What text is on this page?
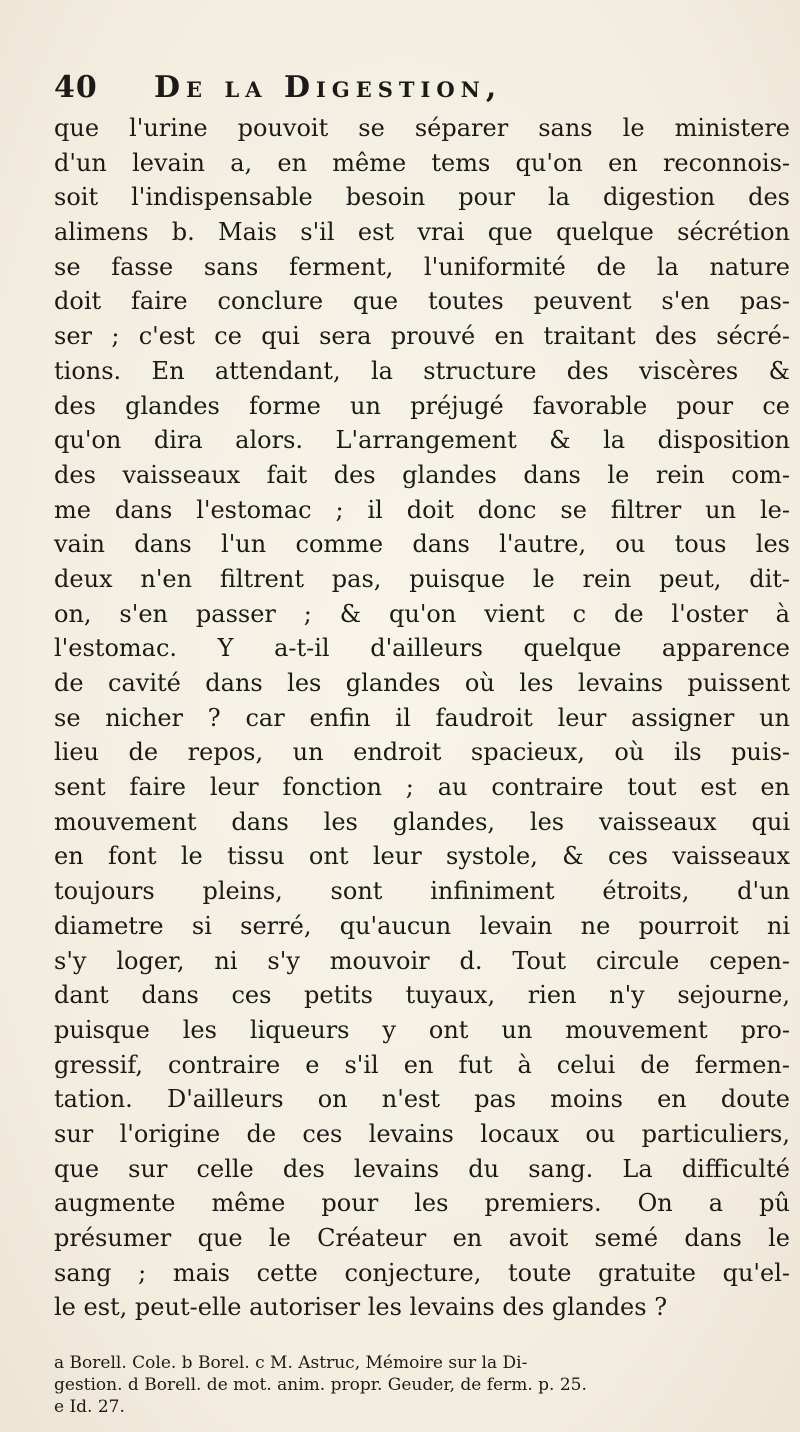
40 De la Digestion,
que l'urine pouvoit se séparer sans le ministere
d'un levain a, en même tems qu'on en reconnois-
soit l'indispensable besoin pour la digestion des
alimens b. Mais s'il est vrai que quelque sécrétion
se fasse sans ferment, l'uniformité de la nature
doit faire conclure que toutes peuvent s'en pas-
ser ; c'est ce qui sera prouvé en traitant des sécré-
tions. En attendant, la structure des viscères &
des glandes forme un préjugé favorable pour ce
qu'on dira alors. L'arrangement & la disposition
des vaisseaux fait des glandes dans le rein com-
me dans l'estomac ; il doit donc se filtrer un le-
vain dans l'un comme dans l'autre, ou tous les
deux n'en filtrent pas, puisque le rein peut, dit-
on, s'en passer ; & qu'on vient c de l'oster à
l'estomac. Y a-t-il d'ailleurs quelque apparence
de cavité dans les glandes où les levains puissent
se nicher ? car enfin il faudroit leur assigner un
lieu de repos, un endroit spacieux, où ils puis-
sent faire leur fonction ; au contraire tout est en
mouvement dans les glandes, les vaisseaux qui
en font le tissu ont leur systole, & ces vaisseaux
toujours pleins, sont infiniment étroits, d'un
diametre si serré, qu'aucun levain ne pourroit ni
s'y loger, ni s'y mouvoir d. Tout circule cepen-
dant dans ces petits tuyaux, rien n'y sejourne,
puisque les liqueurs y ont un mouvement pro-
gressif, contraire e s'il en fut à celui de fermen-
tation. D'ailleurs on n'est pas moins en doute
sur l'origine de ces levains locaux ou particuliers,
que sur celle des levains du sang. La difficulté
augmente même pour les premiers. On a pû
présumer que le Créateur en avoit semé dans le
sang ; mais cette conjecture, toute gratuite qu'el-
le est, peut-elle autoriser les levains des glandes ?
a Borell. Cole. b Borel. c M. Astruc, Mémoire sur la Di-
gestion. d Borell. de mot. anim. propr. Geuder, de ferm. p. 25.
e Id. 27.
